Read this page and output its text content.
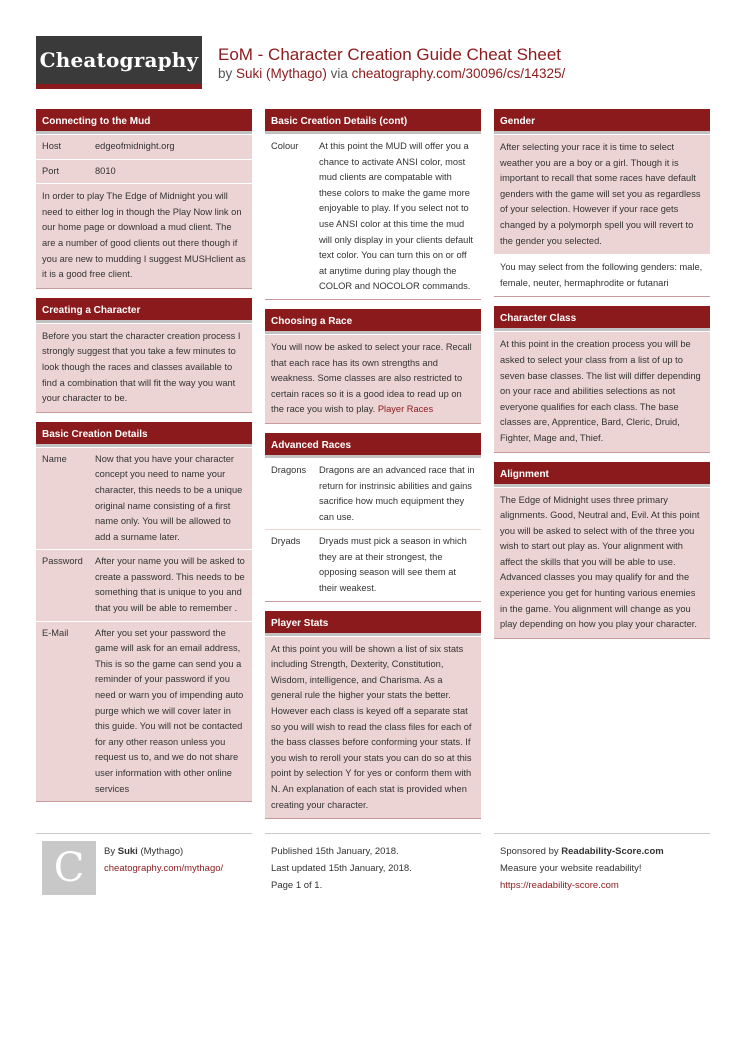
Cheatography EoM - Character Creation Guide Cheat Sheet
by Suki (Mythago) via cheatography.com/30096/cs/14325/
Connecting to the Mud
Host	edgeofmidnight.org
Port	8010
In order to play The Edge of Midnight you will need to either log in though the Play Now link on our home page or download a mud client. The are a number of good clients out there though if you are new to mudding I suggest MUSHclient as it is a good free client.
Creating a Character
Before you start the character creation process I strongly suggest that you take a few minutes to look though the races and classes available to find a combination that will fit the way you want your character to be.
Basic Creation Details
Name	Now that you have your character concept you need to name your character, this needs to be a unique original name consisting of a first name only. You will be allowed to add a surname later.
Password	After your name you will be asked to create a password. This needs to be something that is unique to you and that you will be able to remember .
E-Mail	After you set your password the game will ask for an email address, This is so the game can send you a reminder of your password if you need or warn you of impending auto purge which we will cover later in this guide. You will not be contacted for any other reason unless you request us to, and we do not share user information with other online services
Basic Creation Details (cont)
Colour	At this point the MUD will offer you a chance to activate ANSI color, most mud clients are compatable with these colors to make the game more enjoyable to play. If you select not to use ANSI color at this time the mud will only display in your clients default text color. You can turn this on or off at anytime during play though the COLOR and NOCOLOR commands.
Choosing a Race
You will now be asked to select your race. Recall that each race has its own strengths and weakness. Some classes are also restricted to certain races so it is a good idea to read up on the race you wish to play. Player Races
Advanced Races
Dragons	Dragons are an advanced race that in return for instrinsic abilities and gains sacrifice how much equipment they can use.
Dryads	Dryads must pick a season in which they are at their strongest, the opposing season will see them at their weakest.
Player Stats
At this point you will be shown a list of six stats including Strength, Dexterity, Constitution, Wisdom, intelligence, and Charisma. As a general rule the higher your stats the better. However each class is keyed off a separate stat so you will wish to read the class files for each of the bass classes before conforming your stats. If you wish to reroll your stats you can do so at this point by selection Y for yes or conform them with N. An explanation of each stat is provided when creating your character.
Gender
After selecting your race it is time to select weather you are a boy or a girl. Though it is important to recall that some races have default genders with the game will set you as regardless of your selection. However if your race gets changed by a polymorph spell you will revert to the gender you selected.
You may select from the following genders: male, female, neuter, hermaphrodite or futanari
Character Class
At this point in the creation process you will be asked to select your class from a list of up to seven base classes. The list will differ depending on your race and abilities selections as not everyone qualifies for each class. The base classes are, Apprentice, Bard, Cleric, Druid, Fighter, Mage and, Thief.
Alignment
The Edge of Midnight uses three primary alignments. Good, Neutral and, Evil. At this point you will be asked to select with of the three you wish to start out play as. Your alignment with affect the skills that you will be able to use. Advanced classes you may qualify for and the experience you get for hunting various enemies in the game. You alignment will change as you play depending on how you play your character.
C By Suki (Mythago)
cheatography.com/mythago/
Published 15th January, 2018.
Last updated 15th January, 2018.
Page 1 of 1.
Sponsored by Readability-Score.com
Measure your website readability!
https://readability-score.com
